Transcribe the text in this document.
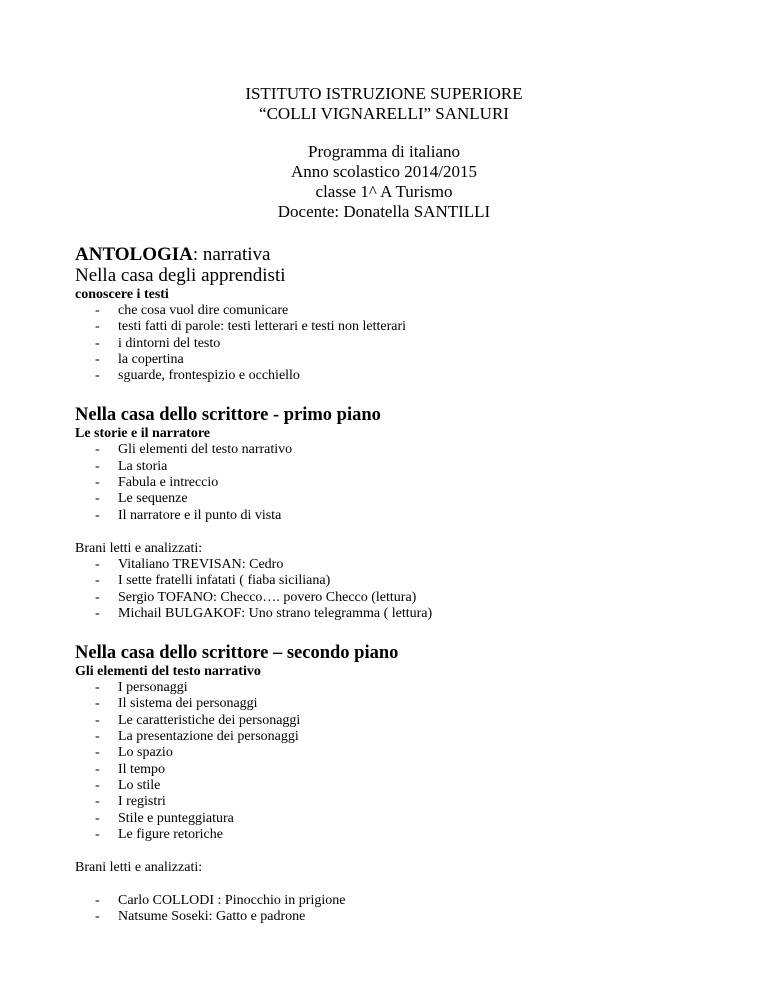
ISTITUTO ISTRUZIONE SUPERIORE
“COLLI VIGNARELLI” SANLURI
Programma di italiano
Anno scolastico 2014/2015
classe 1^ A Turismo
Docente: Donatella SANTILLI

ANTOLOGIA: narrativa

Nella casa degli apprendisti

conoscere i testi

- che cosa vuol dire comunicare
- testi fatti di parole: testi letterari e testi non letterari
- i dintorni del testo
- la copertina
- sguarde, frontespizio e occhiello

Nella casa dello scrittore - primo piano

Le storie e il narratore

- Gli elementi del testo narrativo
- La storia
- Fabula e intreccio
- Le sequenze
- Il narratore e il punto di vista

Brani letti e analizzati:

- Vitaliano TREVISAN: Cedro
- I sette fratelli infatati ( fiaba siciliana)
- Sergio TOFANO: Checco…. povero Checco (lettura)
- Michail BULGAKOF: Uno strano telegramma ( lettura)

Nella casa dello scrittore – secondo piano

Gli elementi del testo narrativo

- I personaggi
- Il sistema dei personaggi
- Le caratteristiche dei personaggi
- La presentazione dei personaggi
- Lo spazio
- Il tempo
- Lo stile
- I registri
- Stile e punteggiatura
- Le figure retoriche

Brani letti e analizzati:

- Carlo COLLODI : Pinocchio in prigione
- Natsume Soseki: Gatto e padrone
